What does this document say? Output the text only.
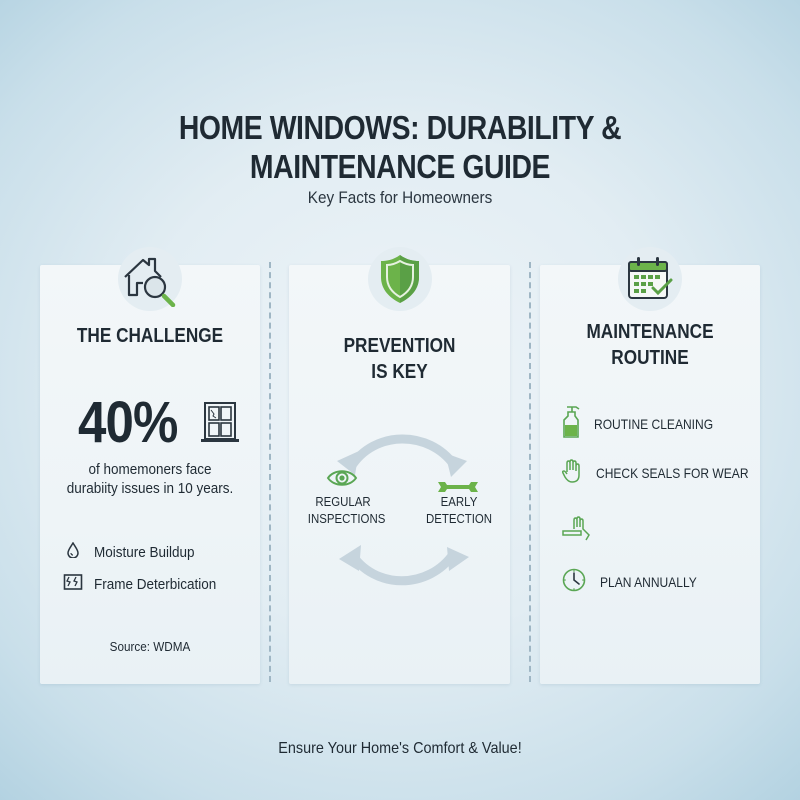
HOME WINDOWS: DURABILITY &
MAINTENANCE GUIDE
Key Facts for Homeowners
THE CHALLENGE
40%
of homemoners face
durabiity issues in 10 years.
Moisture Buildup
Frame Deterbication
Source: WDMA
PREVENTION
IS KEY
REGULAR
INSPECTIONS
EARLY
DETECTION
MAINTENANCE
ROUTINE
ROUTINE CLEANING
CHECK SEALS FOR WEAR
PLAN ANNUALLY
Ensure Your Home's Comfort & Value!
